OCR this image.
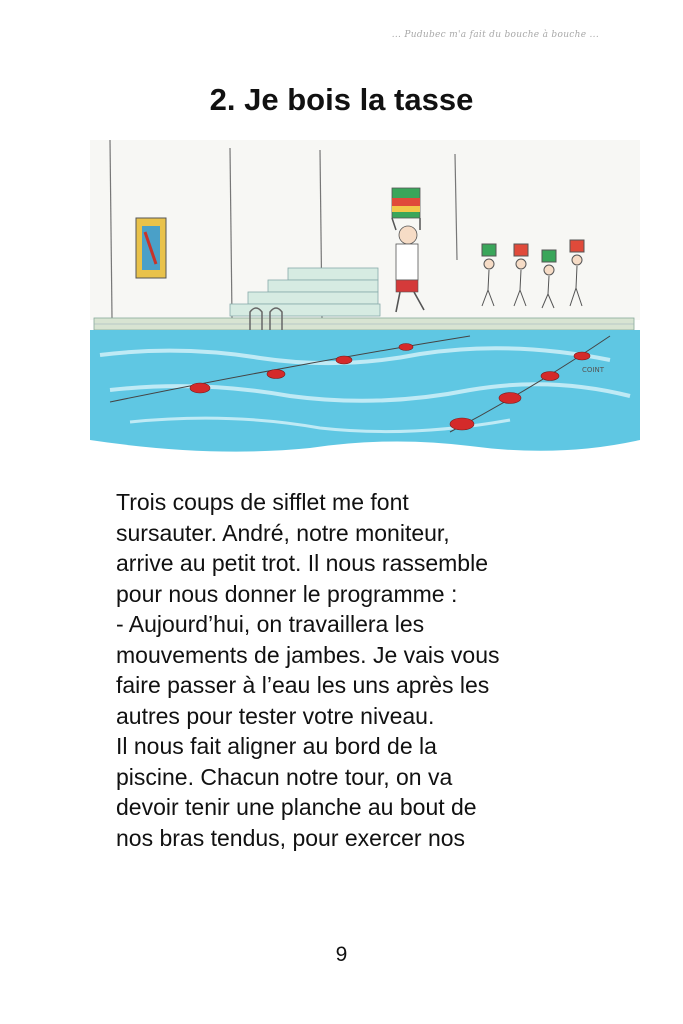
... Pudubec m'a fait du bouche à bouche ...
2. Je bois la tasse
COINT

Trois coups de sifflet me font

sursauter. André, notre moniteur,

arrive au petit trot. Il nous rassemble

pour nous donner le programme :

- Aujourd’hui, on travaillera les

mouvements de jambes. Je vais vous

faire passer à l’eau les uns après les

autres pour tester votre niveau.

Il nous fait aligner au bord de la

piscine. Chacun notre tour, on va

devoir tenir une planche au bout de

nos bras tendus, pour exercer nos

9
